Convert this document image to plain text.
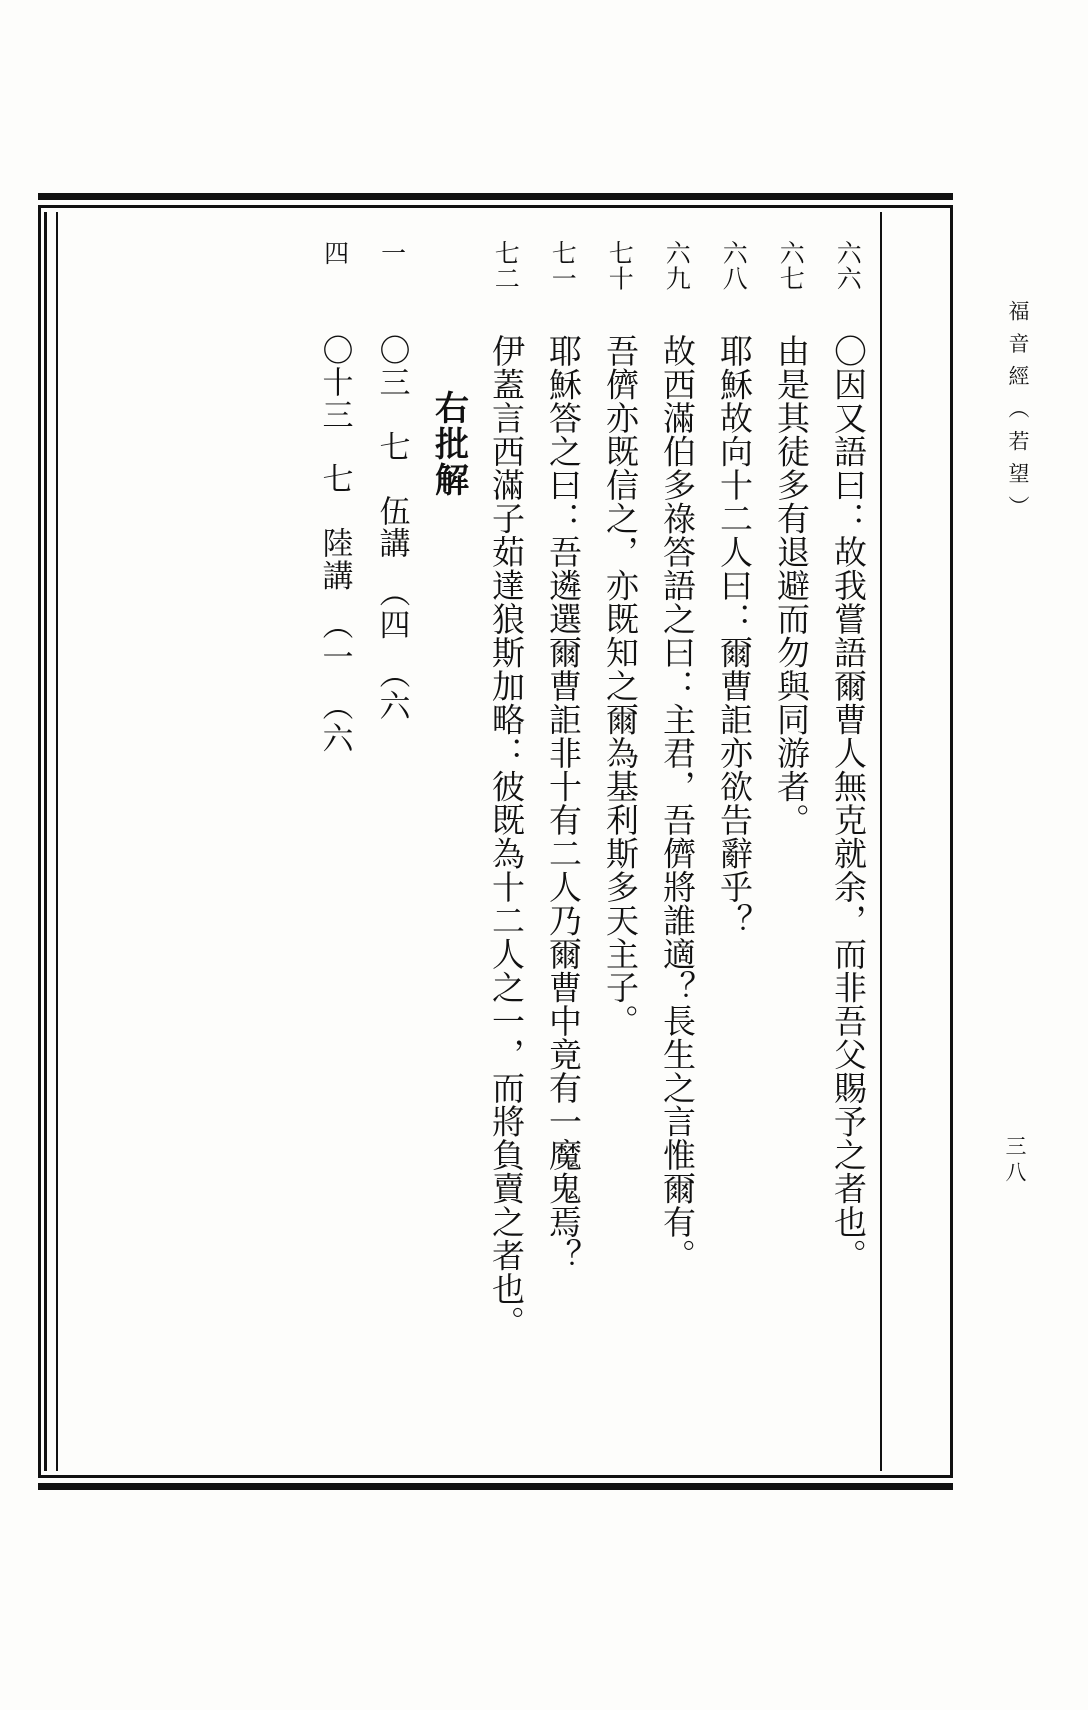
福音經（若望）
三八
六六
〇因又語曰：故我嘗語爾曹人無克就余，而非吾父賜予之者也。
六七
由是其徒多有退避而勿與同游者。
六八
耶穌故向十二人曰：爾曹詎亦欲告辭乎？
六九
故西滿伯多祿答語之曰：主君，吾儕將誰適？長生之言惟爾有。
七十
吾儕亦既信之，亦既知之爾為基利斯多天主子。
七一
耶穌答之曰：吾遴選爾曹詎非十有二人乃爾曹中竟有一魔鬼焉？
七二
伊蓋言西滿子茹達狼斯加略：彼既為十二人之一，而將負賣之者也。
右批解
一
〇三　七　伍講　（四　（六
四
〇十三　七　陸講　（一　（六
